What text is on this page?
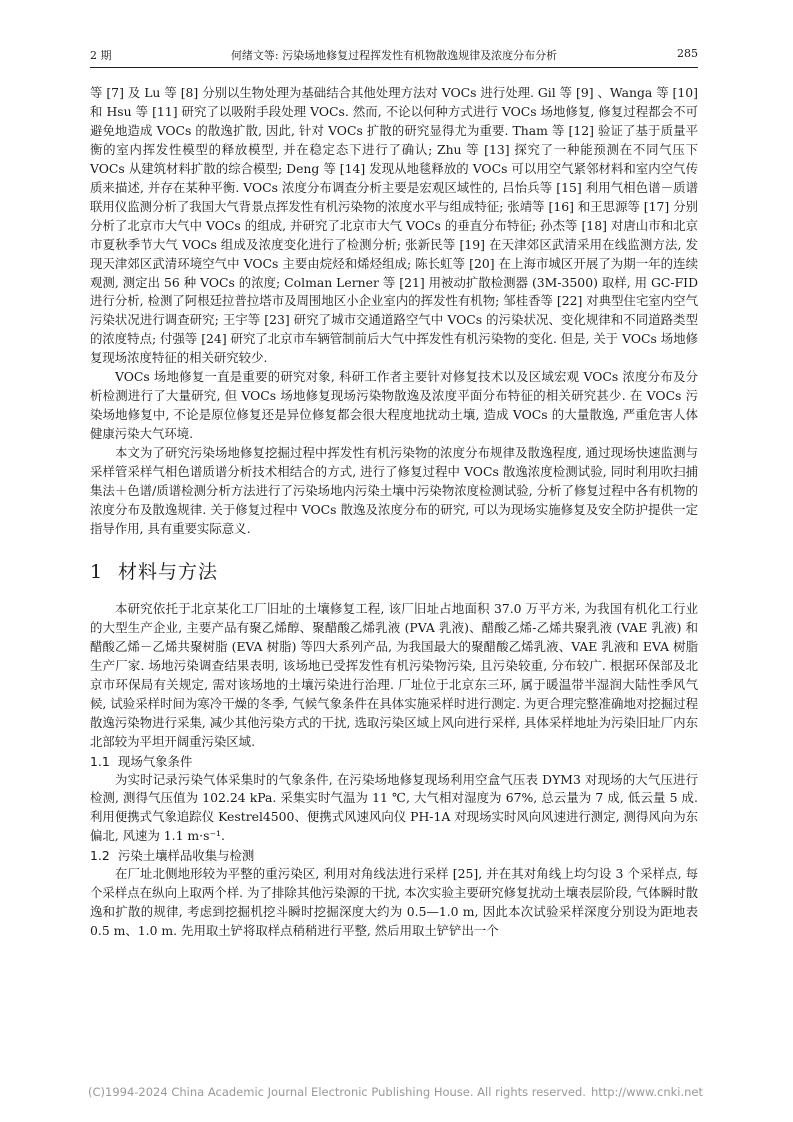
2 期	何绪文等: 污染场地修复过程挥发性有机物散逸规律及浓度分布分析	285

等 [7] 及 Lu 等 [8] 分别以生物处理为基础结合其他处理方法对 VOCs 进行处理. Gil 等 [9] 、Wanga 等 [10] 和 Hsu 等 [11] 研究了以吸附手段处理 VOCs. 然而, 不论以何种方式进行 VOCs 场地修复, 修复过程都会不可避免地造成 VOCs 的散逸扩散, 因此, 针对 VOCs 扩散的研究显得尤为重要. Tham 等 [12] 验证了基于质量平衡的室内挥发性模型的释放模型, 并在稳定态下进行了确认; Zhu 等 [13] 探究了一种能预测在不同气压下 VOCs 从建筑材料扩散的综合模型; Deng 等 [14] 发现从地毯释放的 VOCs 可以用空气紧邻材料和室内空气传质来描述, 并存在某种平衡. VOCs 浓度分布调查分析主要是宏观区域性的, 吕怡兵等 [15] 利用气相色谱－质谱联用仪监测分析了我国大气背景点挥发性有机污染物的浓度水平与组成特征; 张靖等 [16] 和王思源等 [17] 分别分析了北京市大气中 VOCs 的组成, 并研究了北京市大气 VOCs 的垂直分布特征; 孙杰等 [18] 对唐山市和北京市夏秋季节大气 VOCs 组成及浓度变化进行了检测分析; 张新民等 [19] 在天津郊区武清采用在线监测方法, 发现天津郊区武清环境空气中 VOCs 主要由烷烃和烯烃组成; 陈长虹等 [20] 在上海市城区开展了为期一年的连续观测, 测定出 56 种 VOCs 的浓度; Colman Lerner 等 [21] 用被动扩散检测器 (3M-3500) 取样, 用 GC-FID 进行分析, 检测了阿根廷拉普拉塔市及周围地区小企业室内的挥发性有机物; 邹桂香等 [22] 对典型住宅室内空气污染状况进行调查研究; 王宇等 [23] 研究了城市交通道路空气中 VOCs 的污染状况、变化规律和不同道路类型的浓度特点; 付强等 [24] 研究了北京市车辆管制前后大气中挥发性有机污染物的变化. 但是, 关于 VOCs 场地修复现场浓度特征的相关研究较少.

VOCs 场地修复一直是重要的研究对象, 科研工作者主要针对修复技术以及区域宏观 VOCs 浓度分布及分析检测进行了大量研究, 但 VOCs 场地修复现场污染物散逸及浓度平面分布特征的相关研究甚少. 在 VOCs 污染场地修复中, 不论是原位修复还是异位修复都会很大程度地扰动土壤, 造成 VOCs 的大量散逸, 严重危害人体健康污染大气环境.

本文为了研究污染场地修复挖掘过程中挥发性有机污染物的浓度分布规律及散逸程度, 通过现场快速监测与采样管采样气相色谱质谱分析技术相结合的方式, 进行了修复过程中 VOCs 散逸浓度检测试验, 同时利用吹扫捕集法＋色谱/质谱检测分析方法进行了污染场地内污染土壤中污染物浓度检测试验, 分析了修复过程中各有机物的浓度分布及散逸规律. 关于修复过程中 VOCs 散逸及浓度分布的研究, 可以为现场实施修复及安全防护提供一定指导作用, 具有重要实际意义.

1 材料与方法

本研究依托于北京某化工厂旧址的土壤修复工程, 该厂旧址占地面积 37.0 万平方米, 为我国有机化工行业的大型生产企业, 主要产品有聚乙烯醇、聚醋酸乙烯乳液 (PVA 乳液)、醋酸乙烯-乙烯共聚乳液 (VAE 乳液) 和醋酸乙烯－乙烯共聚树脂 (EVA 树脂) 等四大系列产品, 为我国最大的聚醋酸乙烯乳液、VAE 乳液和 EVA 树脂生产厂家. 场地污染调查结果表明, 该场地已受挥发性有机污染物污染, 且污染较重, 分布较广. 根据环保部及北京市环保局有关规定, 需对该场地的土壤污染进行治理. 厂址位于北京东三环, 属于暖温带半湿润大陆性季风气候, 试验采样时间为寒冷干燥的冬季, 气候气象条件在具体实施采样时进行测定. 为更合理完整准确地对挖掘过程散逸污染物进行采集, 减少其他污染方式的干扰, 选取污染区域上风向进行采样, 具体采样地址为污染旧址厂内东北部较为平坦开阔重污染区域.

1.1 现场气象条件

为实时记录污染气体采集时的气象条件, 在污染场地修复现场利用空盒气压表 DYM3 对现场的大气压进行检测, 测得气压值为 102.24 kPa. 采集实时气温为 11 ℃, 大气相对湿度为 67%, 总云量为 7 成, 低云量 5 成. 利用便携式气象追踪仪 Kestrel4500、便携式风速风向仪 PH-1A 对现场实时风向风速进行测定, 测得风向为东偏北, 风速为 1.1 m·s⁻¹.

1.2 污染土壤样品收集与检测

在厂址北侧地形较为平整的重污染区, 利用对角线法进行采样 [25], 并在其对角线上均匀设 3 个采样点, 每个采样点在纵向上取两个样. 为了排除其他污染源的干扰, 本次实验主要研究修复扰动土壤表层阶段, 气体瞬时散逸和扩散的规律, 考虑到挖掘机挖斗瞬时挖掘深度大约为 0.5—1.0 m, 因此本次试验采样深度分别设为距地表 0.5 m、1.0 m. 先用取土铲将取样点稍稍进行平整, 然后用取土铲铲出一个

(C)1994-2024 China Academic Journal Electronic Publishing House. All rights reserved. http://www.cnki.net
